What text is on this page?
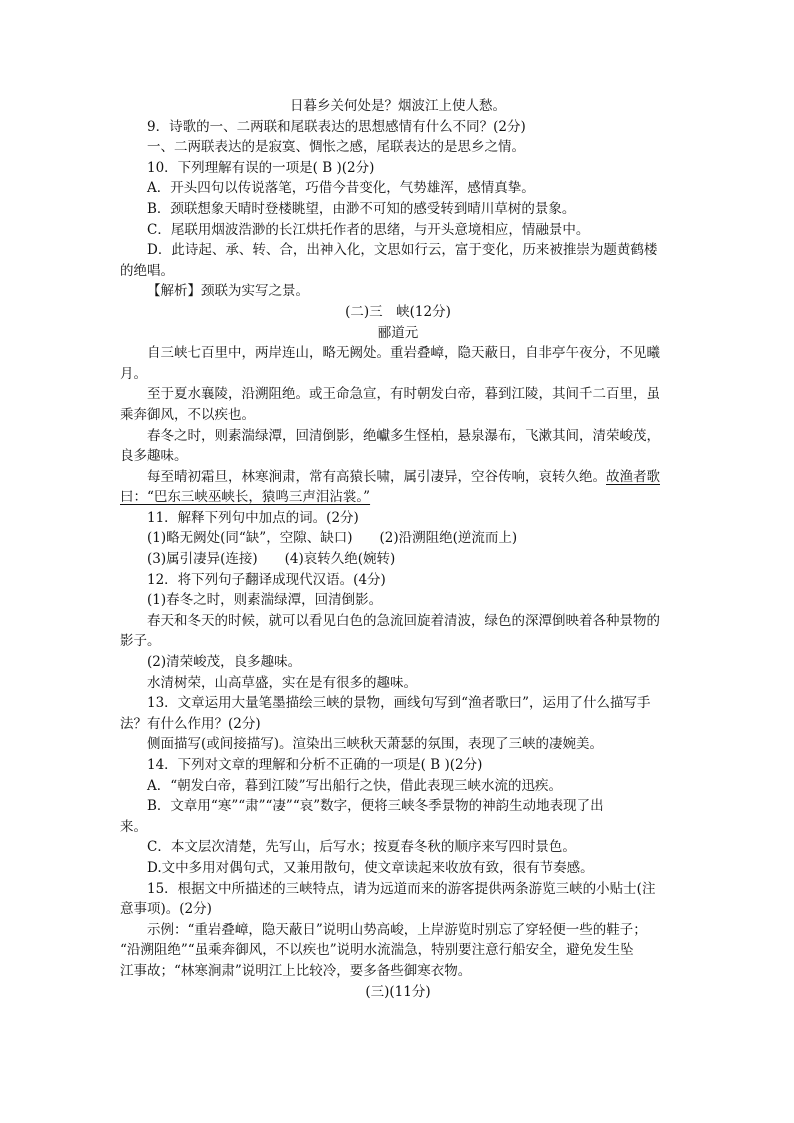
日暮乡关何处是？烟波江上使人愁。
9．诗歌的一、二两联和尾联表达的思想感情有什么不同？(2分)
一、二两联表达的是寂寞、惆怅之感，尾联表达的是思乡之情。
10．下列理解有误的一项是( B )(2分)
A．开头四句以传说落笔，巧借今昔变化，气势雄浑，感情真挚。
B．颈联想象天晴时登楼眺望，由渺不可知的感受转到晴川草树的景象。
C．尾联用烟波浩渺的长江烘托作者的思绪，与开头意境相应，情融景中。
D．此诗起、承、转、合，出神入化，文思如行云，富于变化，历来被推崇为题黄鹤楼
的绝唱。
【解析】颈联为实写之景。
(二)三　峡(12分)
郦道元
自三峡七百里中，两岸连山，略无阙处。重岩叠嶂，隐天蔽日，自非亭午夜分，不见曦
月。
至于夏水襄陵，沿溯阻绝。或王命急宣，有时朝发白帝，暮到江陵，其间千二百里，虽
乘奔御风，不以疾也。
春冬之时，则素湍绿潭，回清倒影，绝巘多生怪柏，悬泉瀑布，飞漱其间，清荣峻茂，
良多趣味。
每至晴初霜旦，林寒涧肃，常有高猿长啸，属引凄异，空谷传响，哀转久绝。故渔者歌
曰：“巴东三峡巫峡长，猿鸣三声泪沾裳。”
11．解释下列句中加点的词。(2分)
(1)略无阙处(同“缺”，空隙、缺口)　　(2)沿溯阻绝(逆流而上)
(3)属引凄异(连接)　　(4)哀转久绝(婉转)
12．将下列句子翻译成现代汉语。(4分)
(1)春冬之时，则素湍绿潭，回清倒影。
春天和冬天的时候，就可以看见白色的急流回旋着清波，绿色的深潭倒映着各种景物的
影子。
(2)清荣峻茂，良多趣味。
水清树荣，山高草盛，实在是有很多的趣味。
13．文章运用大量笔墨描绘三峡的景物，画线句写到“渔者歌曰”，运用了什么描写手
法？有什么作用？(2分)
侧面描写(或间接描写)。渲染出三峡秋天萧瑟的氛围，表现了三峡的凄婉美。
14．下列对文章的理解和分析不正确的一项是( B )(2分)
A．“朝发白帝，暮到江陵”写出船行之快，借此表现三峡水流的迅疾。
B．文章用“寒”“肃”“凄”“哀”数字，便将三峡冬季景物的神韵生动地表现了出
来。
C．本文层次清楚，先写山，后写水；按夏春冬秋的顺序来写四时景色。
D.文中多用对偶句式，又兼用散句，使文章读起来收放有致，很有节奏感。
15．根据文中所描述的三峡特点，请为远道而来的游客提供两条游览三峡的小贴士(注
意事项)。(2分)
示例：“重岩叠嶂，隐天蔽日”说明山势高峻，上岸游览时别忘了穿轻便一些的鞋子；
“沿溯阻绝”“虽乘奔御风，不以疾也”说明水流湍急，特别要注意行船安全，避免发生坠
江事故；“林寒涧肃”说明江上比较冷，要多备些御寒衣物。
(三)(11分)
